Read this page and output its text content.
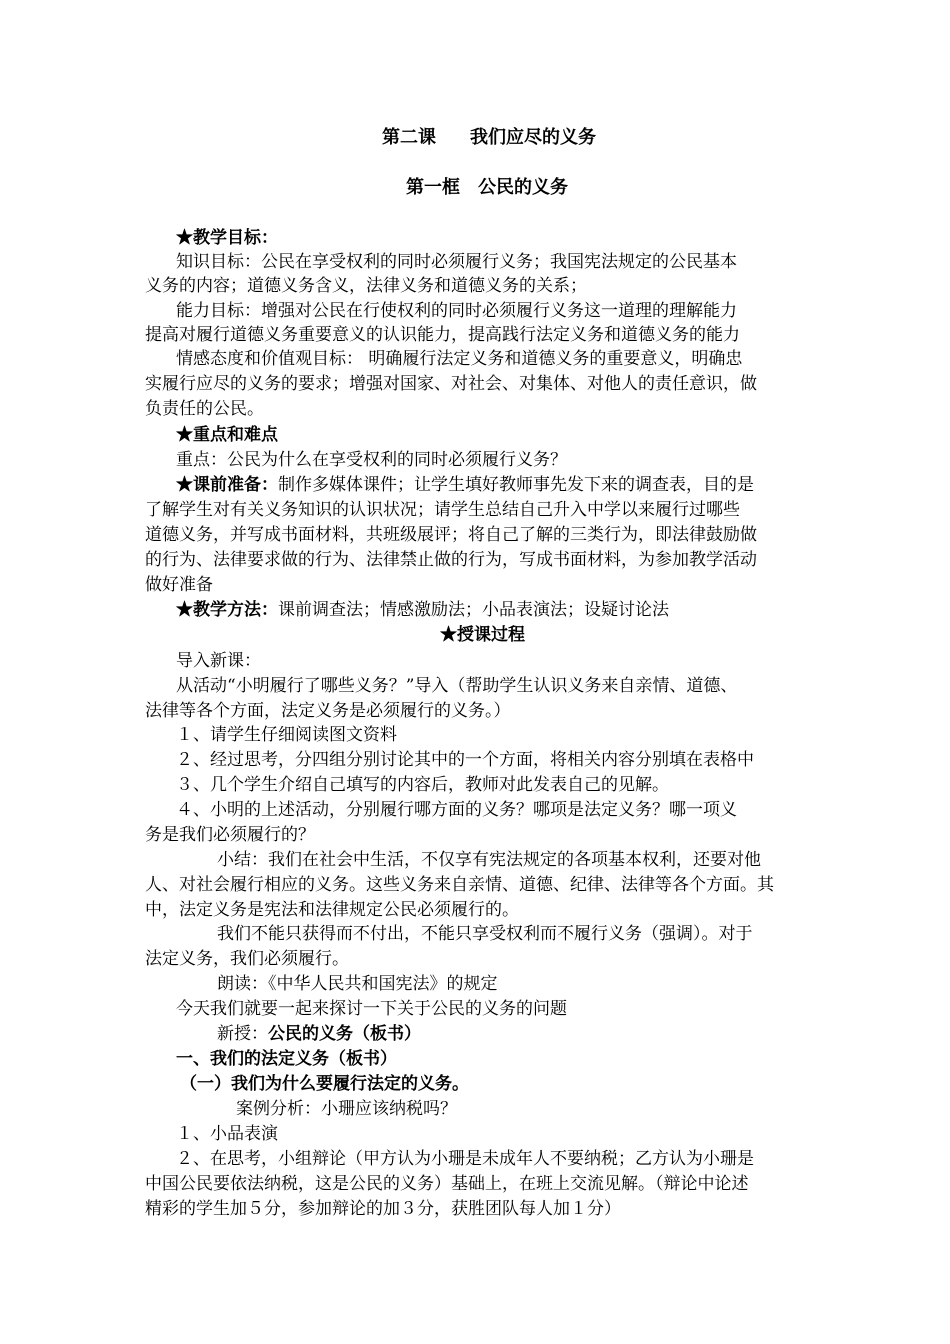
第二课 我们应尽的义务
第一框　公民的义务
★教学目标：
知识目标：公民在享受权利的同时必须履行义务；我国宪法规定的公民基本
义务的内容；道德义务含义，法律义务和道德义务的关系；
能力目标：增强对公民在行使权利的同时必须履行义务这一道理的理解能力
提高对履行道德义务重要意义的认识能力，提高践行法定义务和道德义务的能力
情感态度和价值观目标： 明确履行法定义务和道德义务的重要意义，明确忠
实履行应尽的义务的要求；增强对国家、对社会、对集体、对他人的责任意识，做
负责任的公民。
★重点和难点
重点：公民为什么在享受权利的同时必须履行义务？
★课前准备：制作多媒体课件；让学生填好教师事先发下来的调查表，目的是
了解学生对有关义务知识的认识状况；请学生总结自己升入中学以来履行过哪些
道德义务，并写成书面材料，共班级展评；将自己了解的三类行为，即法律鼓励做
的行为、法律要求做的行为、法律禁止做的行为，写成书面材料，为参加教学活动
做好准备
★教学方法：课前调查法；情感激励法；小品表演法；设疑讨论法
★授课过程
导入新课：
从活动“小明履行了哪些义务？”导入（帮助学生认识义务来自亲情、道德、
法律等各个方面，法定义务是必须履行的义务。）
１、请学生仔细阅读图文资料
２、经过思考，分四组分别讨论其中的一个方面，将相关内容分别填在表格中
３、几个学生介绍自己填写的内容后，教师对此发表自己的见解。
４、小明的上述活动，分别履行哪方面的义务？哪项是法定义务？哪一项义
务是我们必须履行的？
小结：我们在社会中生活，不仅享有宪法规定的各项基本权利，还要对他
人、对社会履行相应的义务。这些义务来自亲情、道德、纪律、法律等各个方面。其
中，法定义务是宪法和法律规定公民必须履行的。
我们不能只获得而不付出，不能只享受权利而不履行义务（强调）。对于
法定义务，我们必须履行。
朗读：《中华人民共和国宪法》的规定
今天我们就要一起来探讨一下关于公民的义务的问题
新授：公民的义务（板书）
一、我们的法定义务（板书）
（一）我们为什么要履行法定的义务。
案例分析：小珊应该纳税吗？
１、小品表演
２、在思考，小组辩论（甲方认为小珊是未成年人不要纳税；乙方认为小珊是
中国公民要依法纳税，这是公民的义务）基础上，在班上交流见解。（辩论中论述
精彩的学生加５分，参加辩论的加３分，获胜团队每人加１分）
